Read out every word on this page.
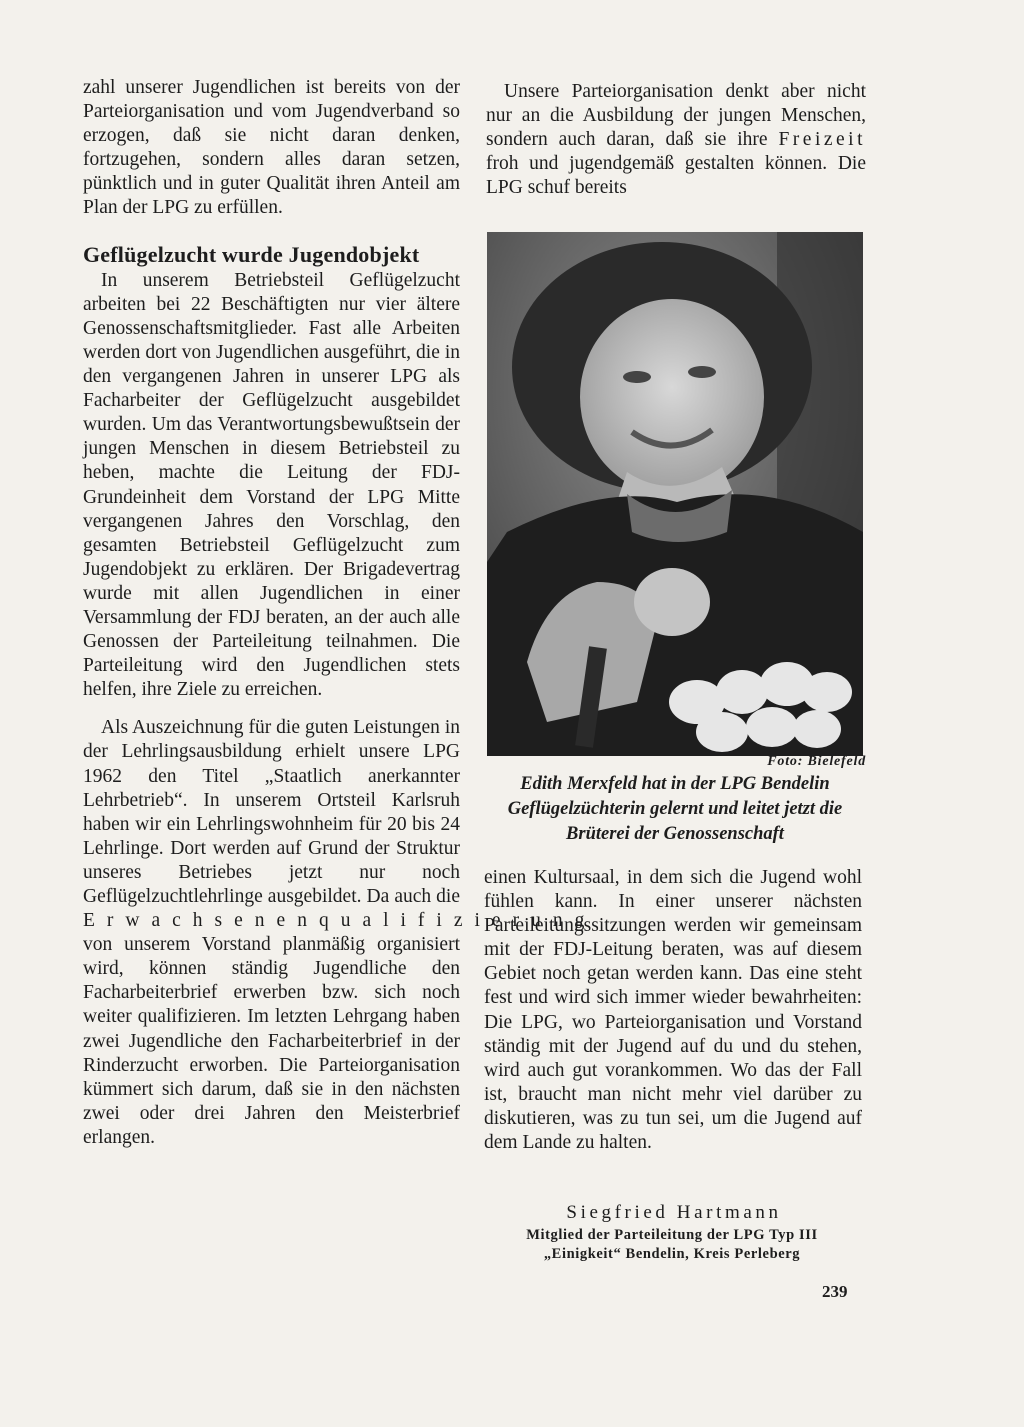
zahl unserer Jugendlichen ist bereits von der Parteiorganisation und vom Jugendverband so erzogen, daß sie nicht daran denken, fortzugehen, sondern alles daran setzen, pünktlich und in guter Qualität ihren Anteil am Plan der LPG zu erfüllen.

Geflügelzucht wurde Jugendobjekt

In unserem Betriebsteil Geflügelzucht arbeiten bei 22 Beschäftigten nur vier ältere Genossenschaftsmitglieder. Fast alle Arbeiten werden dort von Jugendlichen ausgeführt, die in den vergangenen Jahren in unserer LPG als Facharbeiter der Geflügelzucht ausgebildet wurden. Um das Verantwortungsbewußtsein der jungen Menschen in diesem Betriebsteil zu heben, machte die Leitung der FDJ-Grundeinheit dem Vorstand der LPG Mitte vergangenen Jahres den Vorschlag, den gesamten Betriebsteil Geflügelzucht zum Jugendobjekt zu erklären. Der Brigadevertrag wurde mit allen Jugendlichen in einer Versammlung der FDJ beraten, an der auch alle Genossen der Parteileitung teilnahmen. Die Parteileitung wird den Jugendlichen stets helfen, ihre Ziele zu erreichen.

Als Auszeichnung für die guten Leistungen in der Lehrlingsausbildung erhielt unsere LPG 1962 den Titel „Staatlich anerkannter Lehrbetrieb“. In unserem Ortsteil Karlsruh haben wir ein Lehrlingswohnheim für 20 bis 24 Lehrlinge. Dort werden auf Grund der Struktur unseres Betriebes jetzt nur noch Geflügelzuchtlehrlinge ausgebildet. Da auch die Erwachsenenqualifizierung von unserem Vorstand planmäßig organisiert wird, können ständig Jugendliche den Facharbeiterbrief erwerben bzw. sich noch weiter qualifizieren. Im letzten Lehrgang haben zwei Jugendliche den Facharbeiterbrief in der Rinderzucht erworben. Die Parteiorganisation kümmert sich darum, daß sie in den nächsten zwei oder drei Jahren den Meisterbrief erlangen.

Unsere Parteiorganisation denkt aber nicht nur an die Ausbildung der jungen Menschen, sondern auch daran, daß sie ihre Freizeit froh und jugendgemäß gestalten können. Die LPG schuf bereits

Foto: Bielefeld
Edith Merxfeld hat in der LPG Bendelin Geflügelzüchterin gelernt und leitet jetzt die Brüterei der Genossenschaft

einen Kultursaal, in dem sich die Jugend wohl fühlen kann. In einer unserer nächsten Parteileitungssitzungen werden wir gemeinsam mit der FDJ-Leitung beraten, was auf diesem Gebiet noch getan werden kann. Das eine steht fest und wird sich immer wieder bewahrheiten: Die LPG, wo Parteiorganisation und Vorstand ständig mit der Jugend auf du und du stehen, wird auch gut vorankommen. Wo das der Fall ist, braucht man nicht mehr viel darüber zu diskutieren, was zu tun sei, um die Jugend auf dem Lande zu halten.

Siegfried Hartmann
Mitglied der Parteileitung der LPG Typ III
„Einigkeit“ Bendelin, Kreis Perleberg
239
